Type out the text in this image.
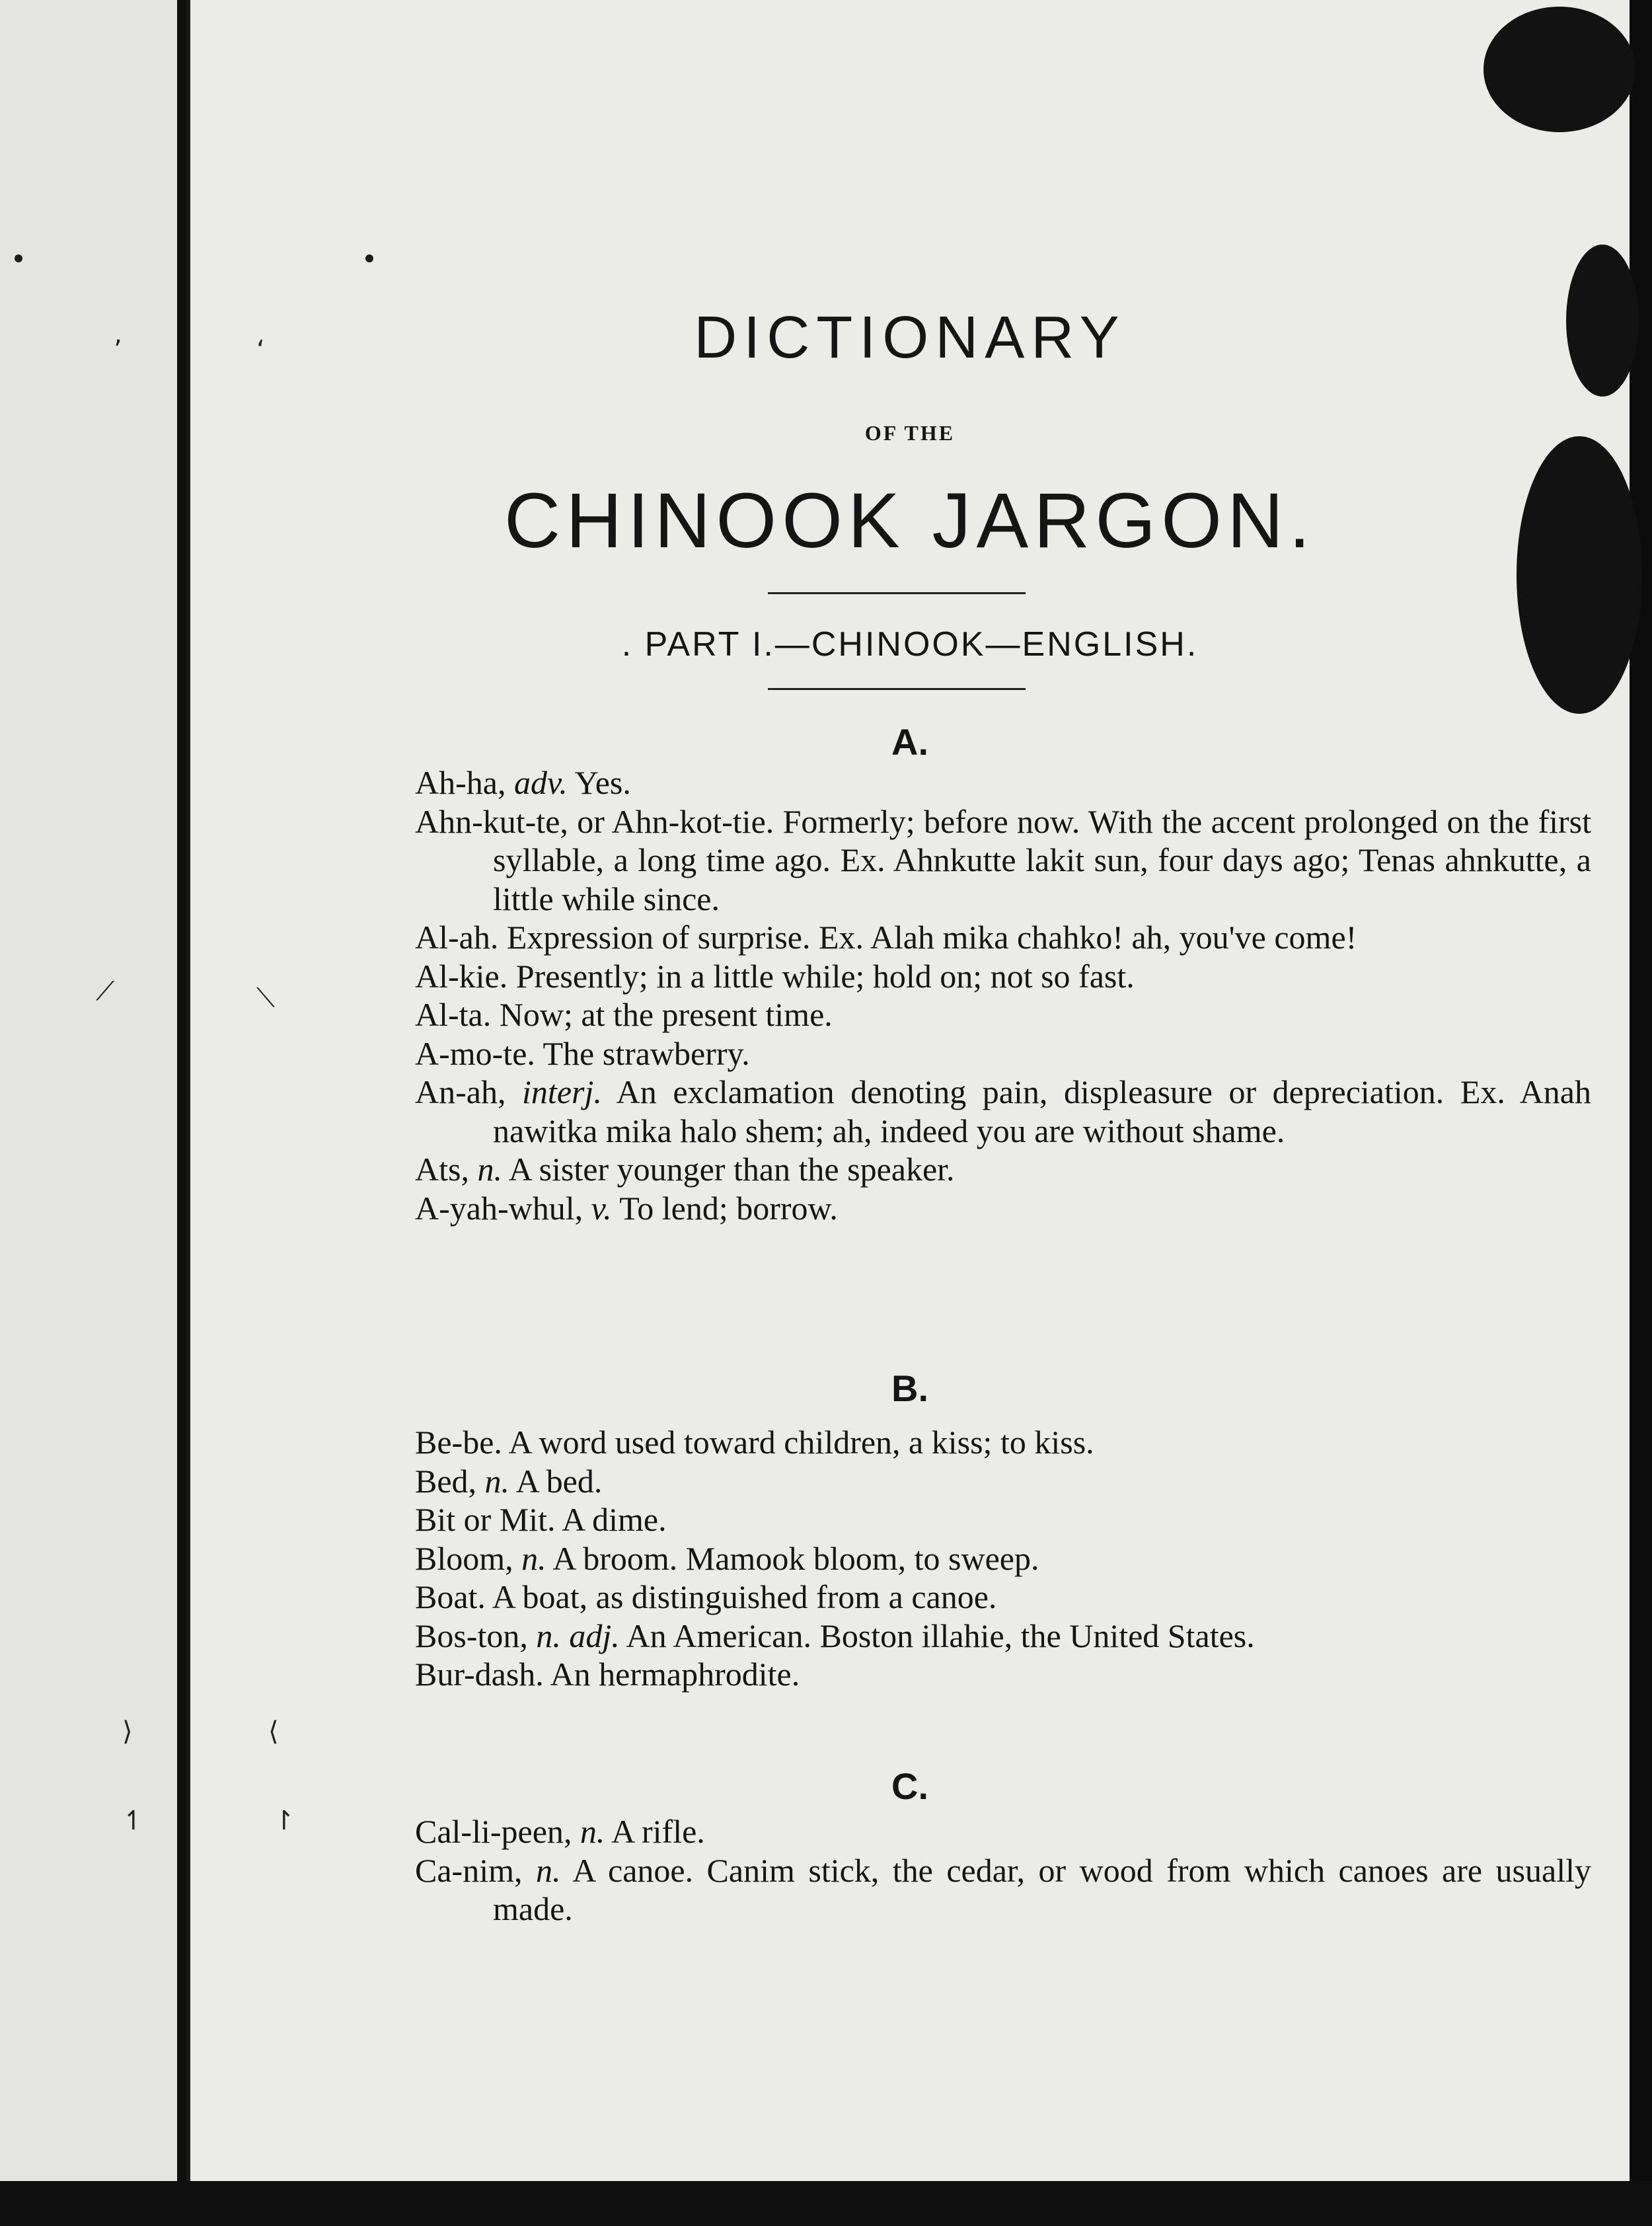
’
⟋
⟩
↿
‘
⟍
⟨
↾
DICTIONARY
OF THE
CHINOOK JARGON.
. PART I.—CHINOOK—ENGLISH.
A.

Ah-ha, adv. Yes.

Ahn-kut-te, or Ahn-kot-tie. Formerly; before now. With the accent prolonged on the first syllable, a long time ago. Ex. Ahnkutte lakit sun, four days ago; Tenas ahnkutte, a little while since.

Al-ah. Expression of surprise. Ex. Alah mika chahko! ah, you've come!

Al-kie. Presently; in a little while; hold on; not so fast.

Al-ta. Now; at the present time.

A-mo-te. The strawberry.

An-ah, interj. An exclamation denoting pain, displeasure or depreciation. Ex. Anah nawitka mika halo shem; ah, indeed you are without shame.

Ats, n. A sister younger than the speaker.

A-yah-whul, v. To lend; borrow.

B.

Be-be. A word used toward children, a kiss; to kiss.

Bed, n. A bed.

Bit or Mit. A dime.

Bloom, n. A broom. Mamook bloom, to sweep.

Boat. A boat, as distinguished from a canoe.

Bos-ton, n. adj. An American. Boston illahie, the United States.

Bur-dash. An hermaphrodite.

C.

Cal-li-peen, n. A rifle.

Ca-nim, n. A canoe. Canim stick, the cedar, or wood from which canoes are usually made.
